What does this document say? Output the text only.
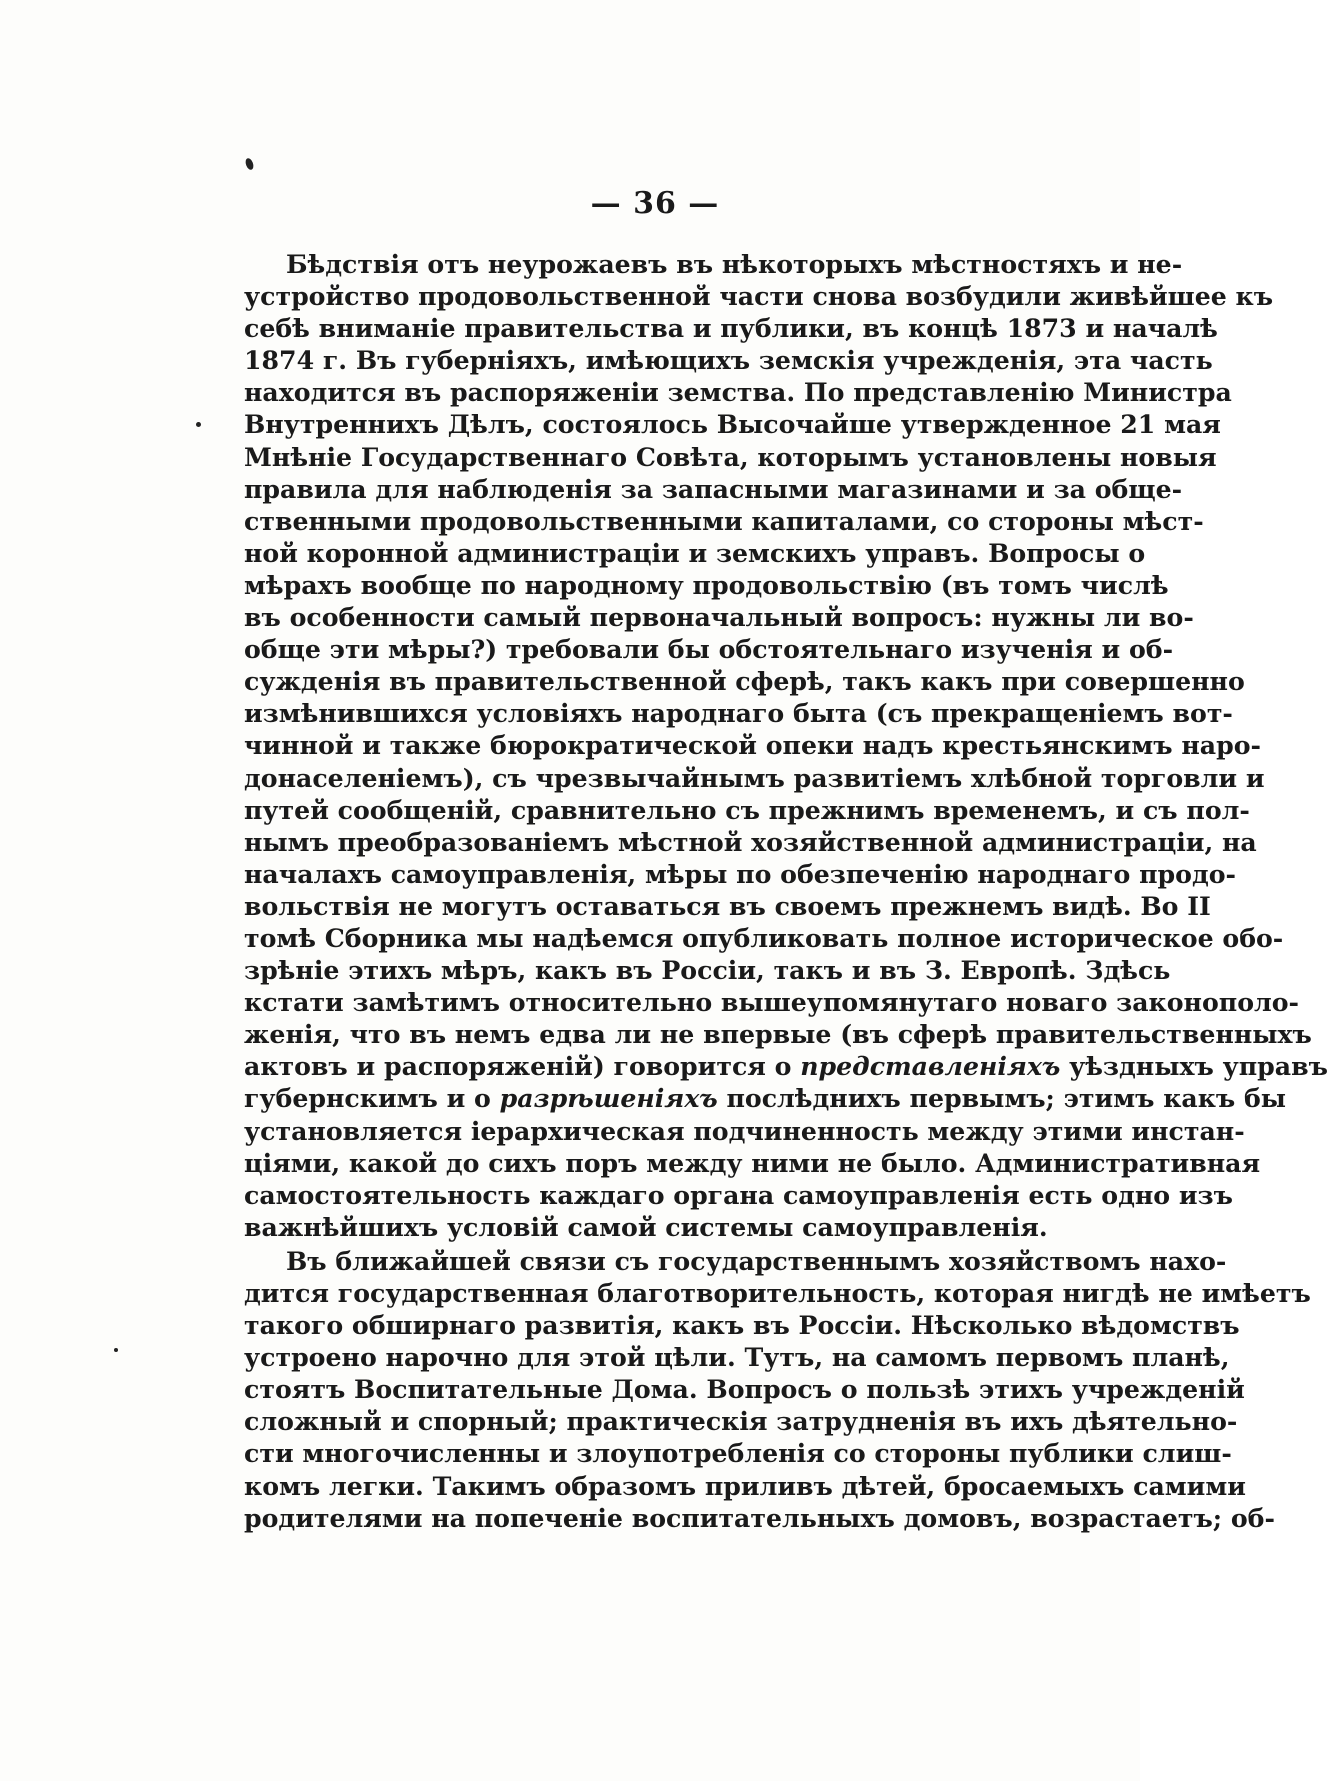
— 36 —
Бѣдствія отъ неурожаевъ въ нѣкоторыхъ мѣстностяхъ и не-
устройство продовольственной части снова возбудили живѣйшее къ
себѣ вниманіе правительства и публики, въ концѣ 1873 и началѣ
1874 г. Въ губерніяхъ, имѣющихъ земскія учрежденія, эта часть
находится въ распоряженіи земства. По представленію Министра
Внутреннихъ Дѣлъ, состоялось Высочайше утвержденное 21 мая
Мнѣніе Государственнаго Совѣта, которымъ установлены новыя
правила для наблюденія за запасными магазинами и за обще-
ственными продовольственными капиталами, со стороны мѣст-
ной коронной администраціи и земскихъ управъ. Вопросы о
мѣрахъ вообще по народному продовольствію (въ томъ числѣ
въ особенности самый первоначальный вопросъ: нужны ли во-
обще эти мѣры?) требовали бы обстоятельнаго изученія и об-
сужденія въ правительственной сферѣ, такъ какъ при совершенно
измѣнившихся условіяхъ народнаго быта (съ прекращеніемъ вот-
чинной и также бюрократической опеки надъ крестьянскимъ наро-
донаселеніемъ), съ чрезвычайнымъ развитіемъ хлѣбной торговли и
путей сообщеній, сравнительно съ прежнимъ временемъ, и съ пол-
нымъ преобразованіемъ мѣстной хозяйственной администраціи, на
началахъ самоуправленія, мѣры по обезпеченію народнаго продо-
вольствія не могутъ оставаться въ своемъ прежнемъ видѣ. Во II
томѣ Сборника мы надѣемся опубликовать полное историческое обо-
зрѣніе этихъ мѣръ, какъ въ Россіи, такъ и въ З. Европѣ. Здѣсь
кстати замѣтимъ относительно вышеупомянутаго новаго законополо-
женія, что въ немъ едва ли не впервые (въ сферѣ правительственныхъ
актовъ и распоряженій) говорится о представленіяхъ уѣздныхъ управъ
губернскимъ и о разрѣшеніяхъ послѣднихъ первымъ; этимъ какъ бы
установляется іерархическая подчиненность между этими инстан-
ціями, какой до сихъ поръ между ними не было. Административная
самостоятельность каждаго органа самоуправленія есть одно изъ
важнѣйшихъ условій самой системы самоуправленія.
Въ ближайшей связи съ государственнымъ хозяйствомъ нахо-
дится государственная благотворительность, которая нигдѣ не имѣетъ
такого обширнаго развитія, какъ въ Россіи. Нѣсколько вѣдомствъ
устроено нарочно для этой цѣли. Тутъ, на самомъ первомъ планѣ,
стоятъ Воспитательные Дома. Вопросъ о пользѣ этихъ учрежденій
сложный и спорный; практическія затрудненія въ ихъ дѣятельно-
сти многочисленны и злоупотребленія со стороны публики слиш-
комъ легки. Такимъ образомъ приливъ дѣтей, бросаемыхъ самими
родителями на попеченіе воспитательныхъ домовъ, возрастаетъ; об-
